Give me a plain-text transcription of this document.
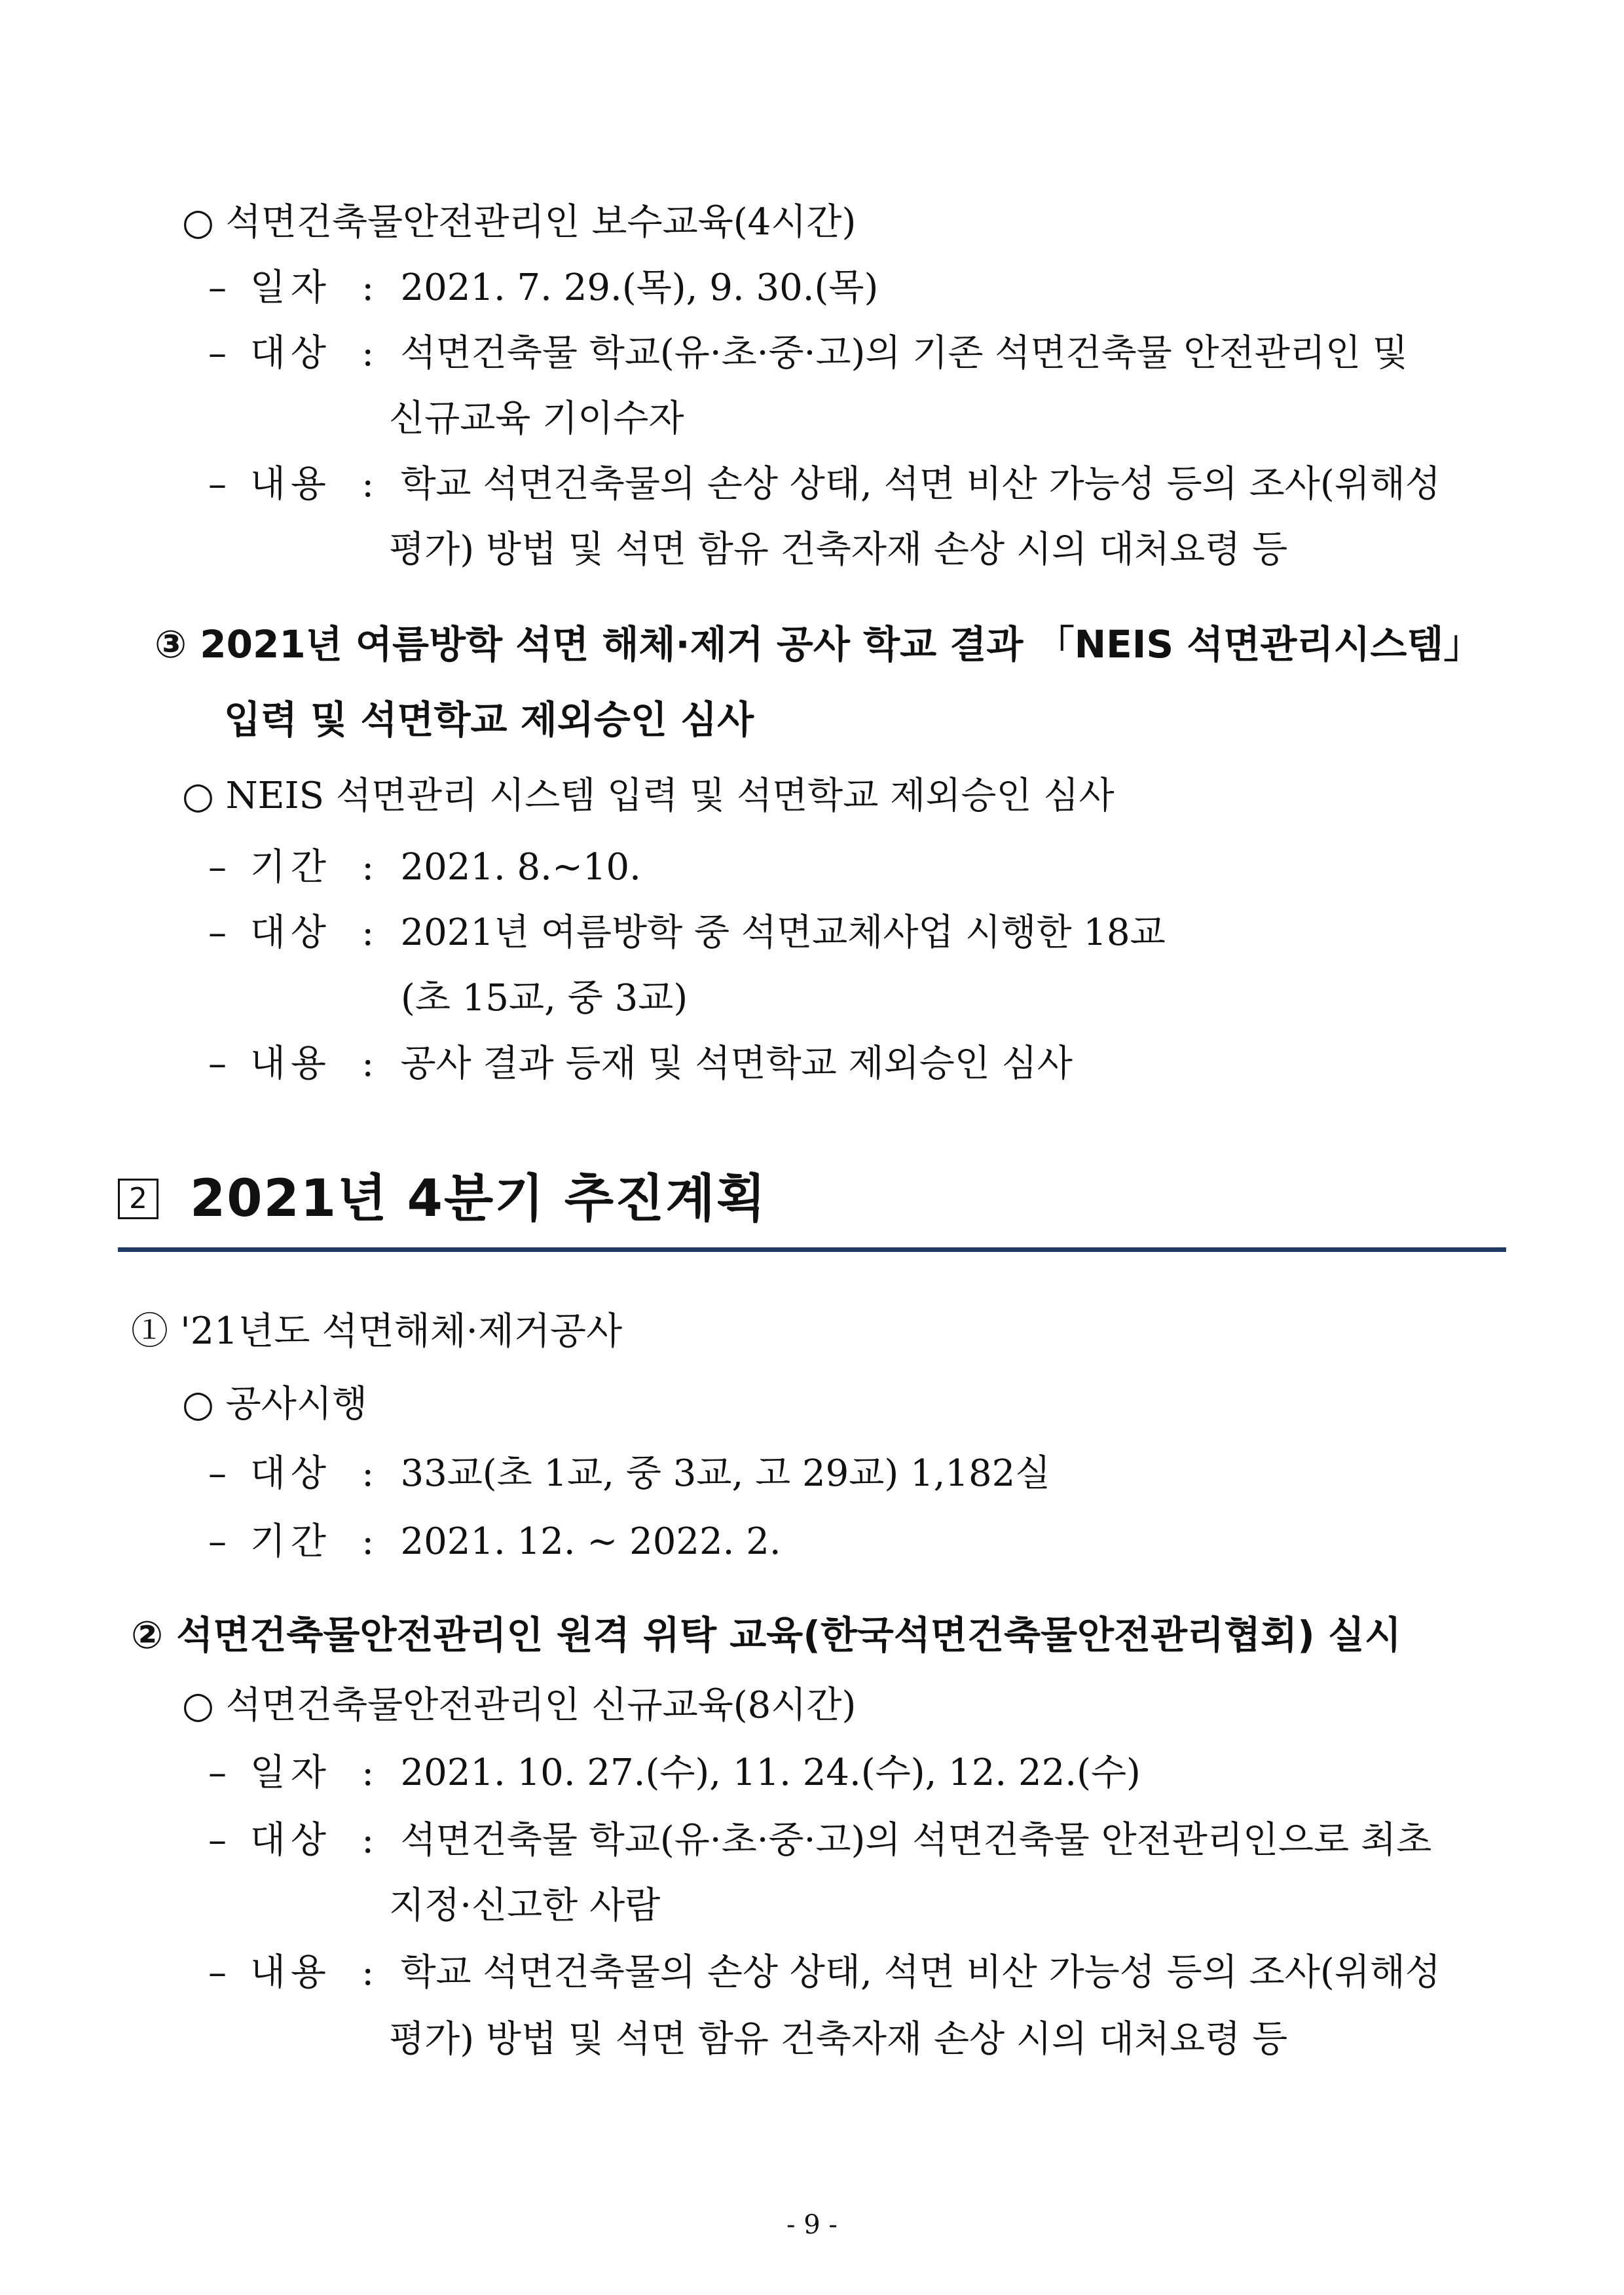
○ 석면건축물안전관리인 보수교육(4시간)
– 일자 : 2021. 7. 29.(목), 9. 30.(목)
– 대상 : 석면건축물 학교(유·초·중·고)의 기존 석면건축물 안전관리인 및
신규교육 기이수자
– 내용 : 학교 석면건축물의 손상 상태, 석면 비산 가능성 등의 조사(위해성
평가) 방법 및 석면 함유 건축자재 손상 시의 대처요령 등
③ 2021년 여름방학 석면 해체·제거 공사 학교 결과 「NEIS 석면관리시스템」
입력 및 석면학교 제외승인 심사
○ NEIS 석면관리 시스템 입력 및 석면학교 제외승인 심사
– 기간 : 2021. 8.~10.
– 대상 : 2021년 여름방학 중 석면교체사업 시행한 18교
(초 15교, 중 3교)
– 내용 : 공사 결과 등재 및 석면학교 제외승인 심사
2 2021년 4분기 추진계획
① '21년도 석면해체·제거공사
○ 공사시행
– 대상 : 33교(초 1교, 중 3교, 고 29교) 1,182실
– 기간 : 2021. 12. ~ 2022. 2.
② 석면건축물안전관리인 원격 위탁 교육(한국석면건축물안전관리협회) 실시
○ 석면건축물안전관리인 신규교육(8시간)
– 일자 : 2021. 10. 27.(수), 11. 24.(수), 12. 22.(수)
– 대상 : 석면건축물 학교(유·초·중·고)의 석면건축물 안전관리인으로 최초
지정·신고한 사람
– 내용 : 학교 석면건축물의 손상 상태, 석면 비산 가능성 등의 조사(위해성
평가) 방법 및 석면 함유 건축자재 손상 시의 대처요령 등
- 9 -
